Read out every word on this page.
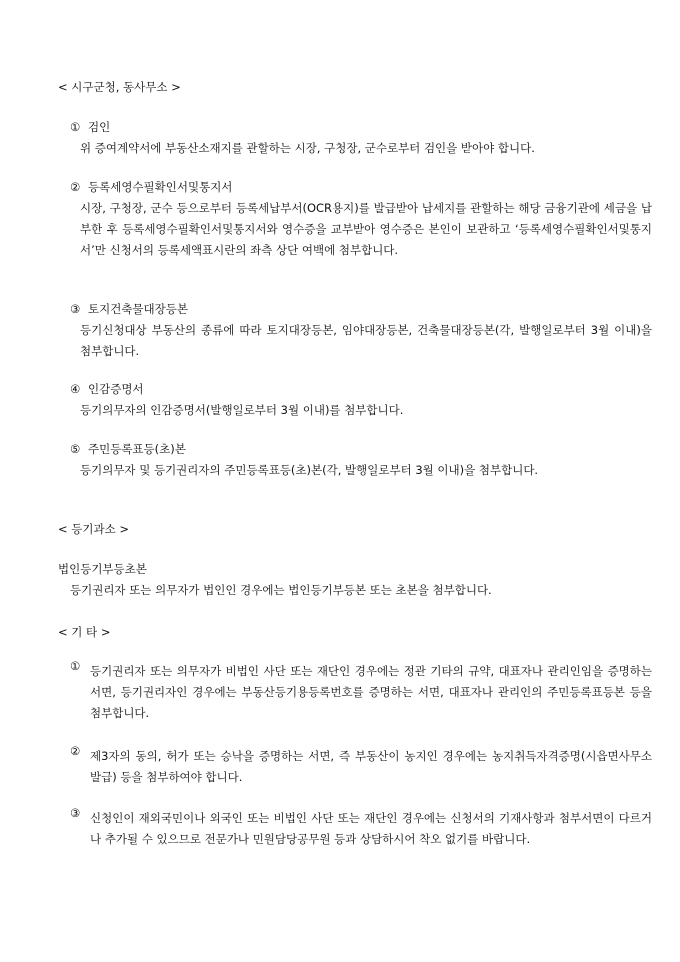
< 시구군청, 동사무소 >
① 검인
위 증여계약서에 부동산소재지를 관할하는 시장, 구청장, 군수로부터 검인을 받아야 합니다.
② 등록세영수필확인서및통지서
시장, 구청장, 군수 등으로부터 등록세납부서(OCR용지)를 발급받아 납세지를 관할하는 해당 금융기관에 세금을 납부한 후 등록세영수필확인서및통지서와 영수증을 교부받아 영수증은 본인이 보관하고 ‘등록세영수필확인서및통지서’만 신청서의 등록세액표시란의 좌측 상단 여백에 첨부합니다.
③ 토지건축물대장등본
등기신청대상 부동산의 종류에 따라 토지대장등본, 임야대장등본, 건축물대장등본(각, 발행일로부터 3월 이내)을 첨부합니다.
④ 인감증명서
등기의무자의 인감증명서(발행일로부터 3월 이내)를 첨부합니다.
⑤ 주민등록표등(초)본
등기의무자 및 등기권리자의 주민등록표등(초)본(각, 발행일로부터 3월 이내)을 첨부합니다.
< 등기과소 >
법인등기부등초본
등기권리자 또는 의무자가 법인인 경우에는 법인등기부등본 또는 초본을 첨부합니다.
< 기 타 >
① 등기권리자 또는 의무자가 비법인 사단 또는 재단인 경우에는 정관 기타의 규약, 대표자나 관리인임을 증명하는 서면, 등기권리자인 경우에는 부동산등기용등록번호를 증명하는 서면, 대표자나 관리인의 주민등록표등본 등을 첨부합니다.
② 제3자의 동의, 허가 또는 승낙을 증명하는 서면, 즉 부동산이 농지인 경우에는 농지취득자격증명(시읍면사무소 발급) 등을 첨부하여야 합니다.
③ 신청인이 재외국민이나 외국인 또는 비법인 사단 또는 재단인 경우에는 신청서의 기재사항과 첨부서면이 다르거나 추가될 수 있으므로 전문가나 민원담당공무원 등과 상담하시어 착오 없기를 바랍니다.
